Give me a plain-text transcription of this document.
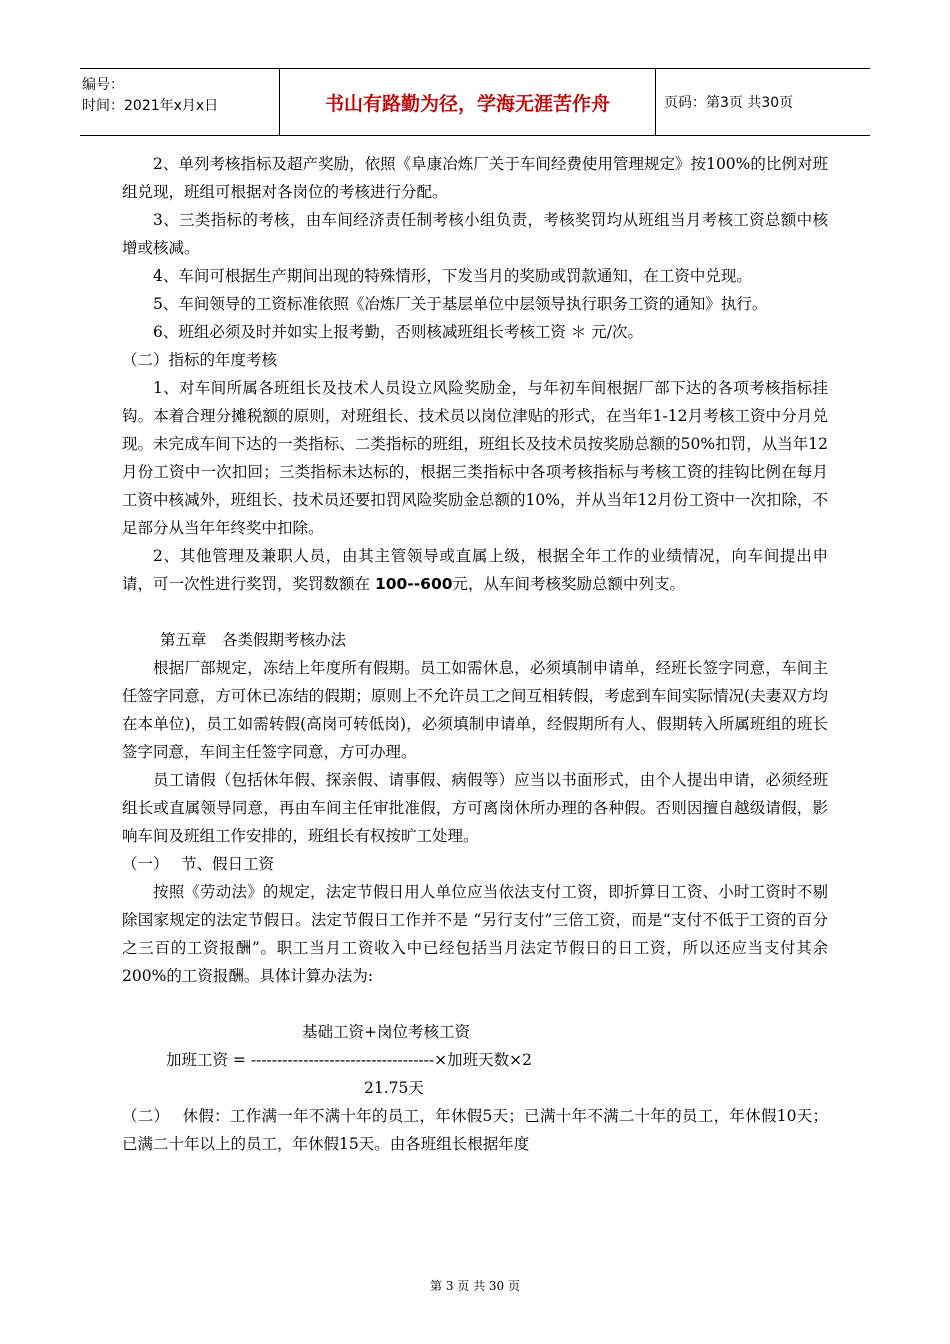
编号：
时间：2021年x月x日	书山有路勤为径，学海无涯苦作舟	页码：第3页 共30页

2、单列考核指标及超产奖励，依照《阜康冶炼厂关于车间经费使用管理规定》按100%的比例对班组兑现，班组可根据对各岗位的考核进行分配。

3、三类指标的考核，由车间经济责任制考核小组负责，考核奖罚均从班组当月考核工资总额中核增或核减。

4、车间可根据生产期间出现的特殊情形，下发当月的奖励或罚款通知，在工资中兑现。

5、车间领导的工资标准依照《冶炼厂关于基层单位中层领导执行职务工资的通知》执行。

6、班组必须及时并如实上报考勤，否则核减班组长考核工资 ＊ 元/次。

（二）指标的年度考核

1、对车间所属各班组长及技术人员设立风险奖励金，与年初车间根据厂部下达的各项考核指标挂钩。本着合理分摊税额的原则，对班组长、技术员以岗位津贴的形式，在当年1-12月考核工资中分月兑现。未完成车间下达的一类指标、二类指标的班组，班组长及技术员按奖励总额的50%扣罚，从当年12月份工资中一次扣回；三类指标未达标的，根据三类指标中各项考核指标与考核工资的挂钩比例在每月工资中核减外，班组长、技术员还要扣罚风险奖励金总额的10%，并从当年12月份工资中一次扣除，不足部分从当年年终奖中扣除。

2、其他管理及兼职人员，由其主管领导或直属上级，根据全年工作的业绩情况，向车间提出申请，可一次性进行奖罚，奖罚数额在 100--600元，从车间考核奖励总额中列支。

第五章　各类假期考核办法

根据厂部规定，冻结上年度所有假期。员工如需休息，必须填制申请单，经班长签字同意，车间主任签字同意，方可休已冻结的假期；原则上不允许员工之间互相转假，考虑到车间实际情况(夫妻双方均在本单位)，员工如需转假(高岗可转低岗)，必须填制申请单，经假期所有人、假期转入所属班组的班长签字同意，车间主任签字同意，方可办理。

员工请假（包括休年假、探亲假、请事假、病假等）应当以书面形式，由个人提出申请，必须经班组长或直属领导同意，再由车间主任审批准假，方可离岗休所办理的各种假。否则因擅自越级请假，影响车间及班组工作安排的，班组长有权按旷工处理。

（一）　 节、假日工资

按照《劳动法》的规定，法定节假日用人单位应当依法支付工资，即折算日工资、小时工资时不剔除国家规定的法定节假日。法定节假日工作并不是 “另行支付”三倍工资，而是“支付不低于工资的百分之三百的工资报酬”。职工当月工资收入中已经包括当月法定节假日的日工资，所以还应当支付其余200%的工资报酬。具体计算办法为:

基础工资+岗位考核工资
加班工资 = -----------------------------------×加班天数×2
21.75天

（二）　 休假：工作满一年不满十年的员工，年休假5天；已满十年不满二十年的员工，年休假10天；已满二十年以上的员工，年休假15天。由各班组长根据年度

第 3 页 共 30 页
